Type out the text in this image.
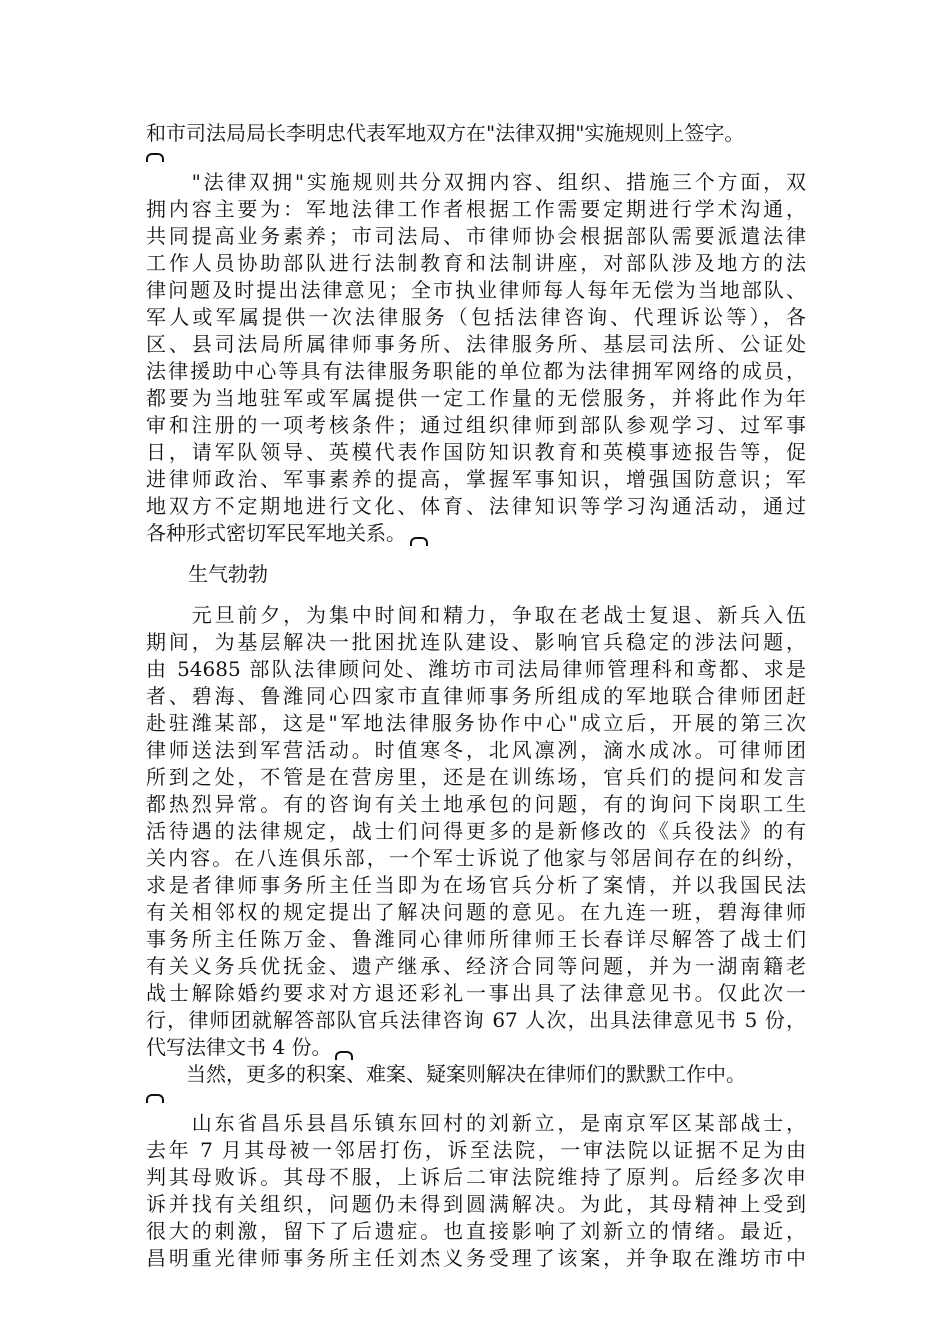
和市司法局局长李明忠代表军地双方在"法律双拥"实施规则上签字。
　　"法律双拥"实施规则共分双拥内容、组织、措施三个方面，双
拥内容主要为：军地法律工作者根据工作需要定期进行学术沟通，
共同提高业务素养；市司法局、市律师协会根据部队需要派遣法律
工作人员协助部队进行法制教育和法制讲座，对部队涉及地方的法
律问题及时提出法律意见；全市执业律师每人每年无偿为当地部队、
军人或军属提供一次法律服务（包括法律咨询、代理诉讼等），各
区、县司法局所属律师事务所、法律服务所、基层司法所、公证处
法律援助中心等具有法律服务职能的单位都为法律拥军网络的成员，
都要为当地驻军或军属提供一定工作量的无偿服务，并将此作为年
审和注册的一项考核条件；通过组织律师到部队参观学习、过军事
日，请军队领导、英模代表作国防知识教育和英模事迹报告等，促
进律师政治、军事素养的提高，掌握军事知识，增强国防意识；军
地双方不定期地进行文化、体育、法律知识等学习沟通活动，通过
各种形式密切军民军地关系。
生气勃勃
　　元旦前夕，为集中时间和精力，争取在老战士复退、新兵入伍
期间，为基层解决一批困扰连队建设、影响官兵稳定的涉法问题，
由 54685 部队法律顾问处、潍坊市司法局律师管理科和鸢都、求是
者、碧海、鲁潍同心四家市直律师事务所组成的军地联合律师团赶
赴驻潍某部，这是"军地法律服务协作中心"成立后，开展的第三次
律师送法到军营活动。时值寒冬，北风凛冽，滴水成冰。可律师团
所到之处，不管是在营房里，还是在训练场，官兵们的提问和发言
都热烈异常。有的咨询有关土地承包的问题，有的询问下岗职工生
活待遇的法律规定，战士们问得更多的是新修改的《兵役法》的有
关内容。在八连俱乐部，一个军士诉说了他家与邻居间存在的纠纷，
求是者律师事务所主任当即为在场官兵分析了案情，并以我国民法
有关相邻权的规定提出了解决问题的意见。在九连一班，碧海律师
事务所主任陈万金、鲁潍同心律师所律师王长春详尽解答了战士们
有关义务兵优抚金、遗产继承、经济合同等问题，并为一湖南籍老
战士解除婚约要求对方退还彩礼一事出具了法律意见书。仅此次一
行，律师团就解答部队官兵法律咨询 67 人次，出具法律意见书 5 份，
代写法律文书 4 份。
　　当然，更多的积案、难案、疑案则解决在律师们的默默工作中。
　　山东省昌乐县昌乐镇东回村的刘新立，是南京军区某部战士，
去年 7 月其母被一邻居打伤，诉至法院，一审法院以证据不足为由
判其母败诉。其母不服，上诉后二审法院维持了原判。后经多次申
诉并找有关组织，问题仍未得到圆满解决。为此，其母精神上受到
很大的刺激，留下了后遗症。也直接影响了刘新立的情绪。最近，
昌明重光律师事务所主任刘杰义务受理了该案，并争取在潍坊市中
